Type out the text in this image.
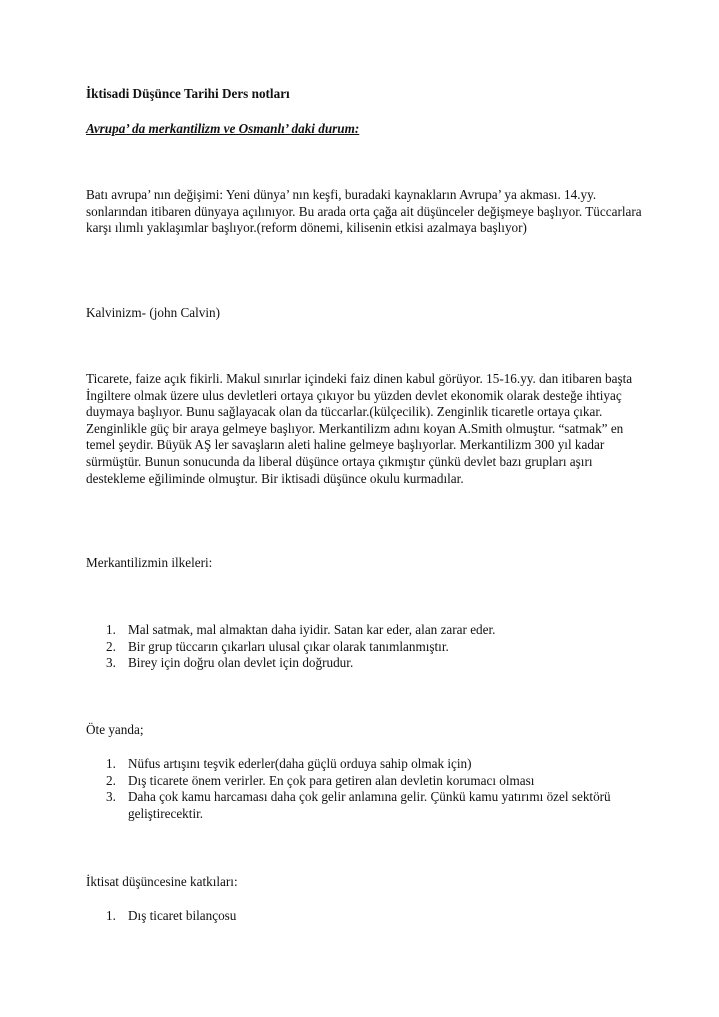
İktisadi Düşünce Tarihi Ders notları

Avrupa’ da merkantilizm ve Osmanlı’ daki durum:

Batı avrupa’ nın değişimi: Yeni dünya’ nın keşfi, buradaki kaynakların Avrupa’ ya akması. 14.yy. sonlarından itibaren dünyaya açılınıyor. Bu arada orta çağa ait düşünceler değişmeye başlıyor. Tüccarlara karşı ılımlı yaklaşımlar başlıyor.(reform dönemi, kilisenin etkisi azalmaya başlıyor)

Kalvinizm- (john Calvin)

Ticarete, faize açık fikirli. Makul sınırlar içindeki faiz dinen kabul görüyor. 15-16.yy. dan itibaren başta İngiltere olmak üzere ulus devletleri ortaya çıkıyor bu yüzden devlet ekonomik olarak desteğe ihtiyaç duymaya başlıyor. Bunu sağlayacak olan da tüccarlar.(külçecilik). Zenginlik ticaretle ortaya çıkar. Zenginlikle güç bir araya gelmeye başlıyor. Merkantilizm adını koyan A.Smith olmuştur. “satmak” en temel şeydir. Büyük AŞ ler savaşların aleti haline gelmeye başlıyorlar. Merkantilizm 300 yıl kadar sürmüştür. Bunun sonucunda da liberal düşünce ortaya çıkmıştır çünkü devlet bazı grupları aşırı destekleme eğiliminde olmuştur. Bir iktisadi düşünce okulu kurmadılar.

Merkantilizmin ilkeleri:

1. Mal satmak, mal almaktan daha iyidir. Satan kar eder, alan zarar eder.
2. Bir grup tüccarın çıkarları ulusal çıkar olarak tanımlanmıştır.
3. Birey için doğru olan devlet için doğrudur.

Öte yanda;

1. Nüfus artışını teşvik ederler(daha güçlü orduya sahip olmak için)
2. Dış ticarete önem verirler. En çok para getiren alan devletin korumacı olması
3. Daha çok kamu harcaması daha çok gelir anlamına gelir. Çünkü kamu yatırımı özel sektörü geliştirecektir.

İktisat düşüncesine katkıları:

1. Dış ticaret bilançosu
